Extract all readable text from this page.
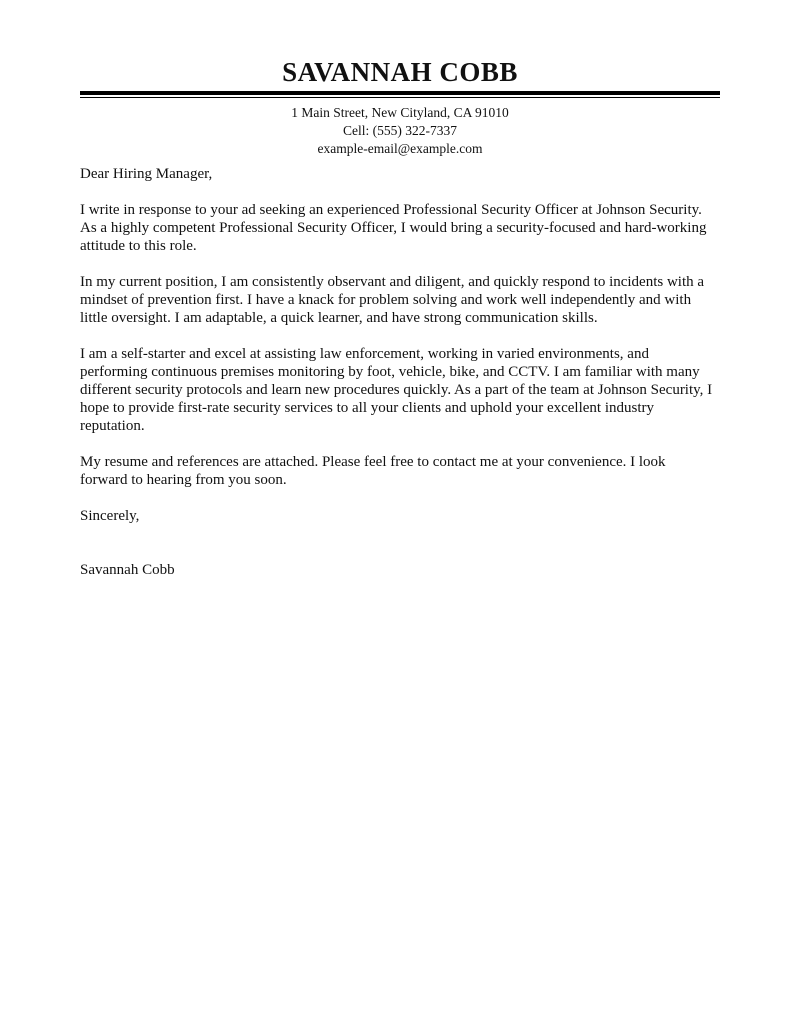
SAVANNAH COBB
1 Main Street, New Cityland, CA 91010
Cell: (555) 322-7337
example-email@example.com
Dear Hiring Manager,
I write in response to your ad seeking an experienced Professional Security Officer at Johnson Security.
As a highly competent Professional Security Officer, I would bring a security-focused and hard-working
attitude to this role.
In my current position, I am consistently observant and diligent, and quickly respond to incidents with a
mindset of prevention first. I have a knack for problem solving and work well independently and with
little oversight. I am adaptable, a quick learner, and have strong communication skills.
I am a self-starter and excel at assisting law enforcement, working in varied environments, and
performing continuous premises monitoring by foot, vehicle, bike, and CCTV. I am familiar with many
different security protocols and learn new procedures quickly. As a part of the team at Johnson Security, I
hope to provide first-rate security services to all your clients and uphold your excellent industry
reputation.
My resume and references are attached. Please feel free to contact me at your convenience. I look
forward to hearing from you soon.
Sincerely,
Savannah Cobb
